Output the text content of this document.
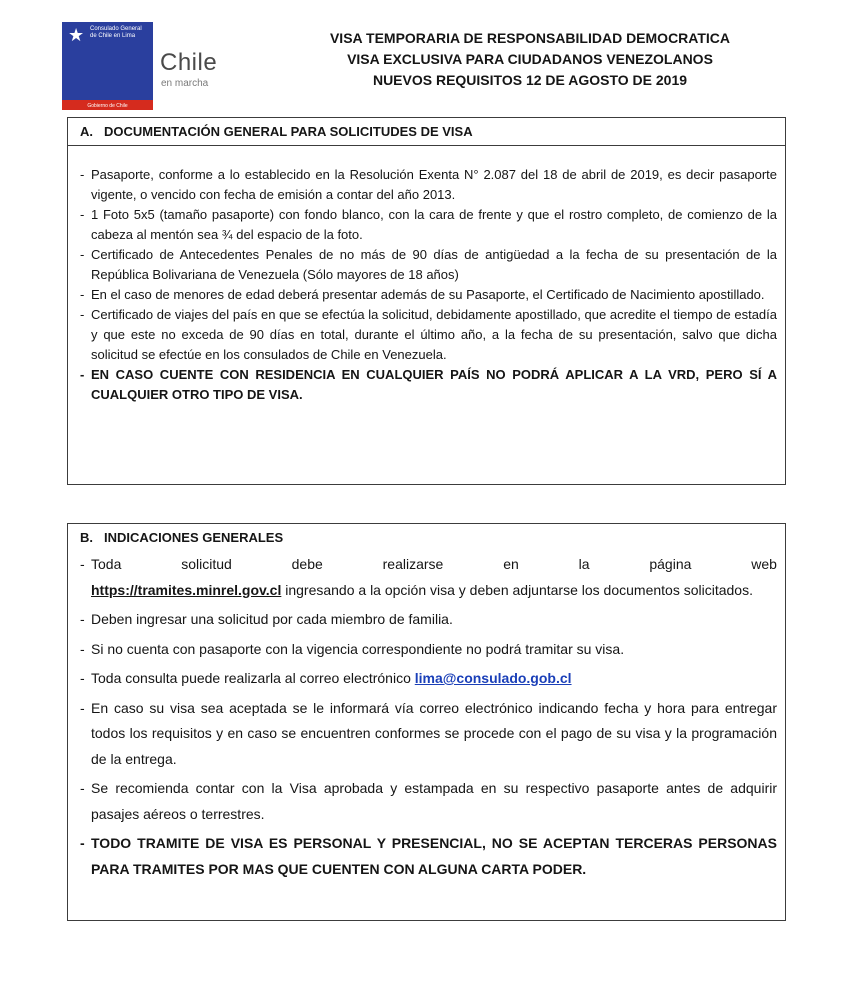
★ Consulado General de Chile en Lima
Gobierno de Chile
Chile
en marcha
VISA TEMPORARIA DE RESPONSABILIDAD DEMOCRATICA
VISA EXCLUSIVA PARA CIUDADANOS VENEZOLANOS
NUEVOS REQUISITOS 12 DE AGOSTO DE 2019
A. DOCUMENTACIÓN GENERAL PARA SOLICITUDES DE VISA
- Pasaporte, conforme a lo establecido en la Resolución Exenta N° 2.087 del 18 de abril de 2019, es decir pasaporte vigente, o vencido con fecha de emisión a contar del año 2013.
- 1 Foto 5x5 (tamaño pasaporte) con fondo blanco, con la cara de frente y que el rostro completo, de comienzo de la cabeza al mentón sea ¾ del espacio de la foto.
- Certificado de Antecedentes Penales de no más de 90 días de antigüedad a la fecha de su presentación de la República Bolivariana de Venezuela (Sólo mayores de 18 años)
- En el caso de menores de edad deberá presentar además de su Pasaporte, el Certificado de Nacimiento apostillado.
- Certificado de viajes del país en que se efectúa la solicitud, debidamente apostillado, que acredite el tiempo de estadía y que este no exceda de 90 días en total, durante el último año, a la fecha de su presentación, salvo que dicha solicitud se efectúe en los consulados de Chile en Venezuela.
- EN CASO CUENTE CON RESIDENCIA EN CUALQUIER PAÍS NO PODRÁ APLICAR A LA VRD, PERO SÍ A CUALQUIER OTRO TIPO DE VISA.
B. INDICACIONES GENERALES
- Toda	solicitud	debe	realizarse	en	la	página	web
https://tramites.minrel.gov.cl ingresando a la opción visa y deben adjuntarse los documentos solicitados.
- Deben ingresar una solicitud por cada miembro de familia.
- Si no cuenta con pasaporte con la vigencia correspondiente no podrá tramitar su visa.
- Toda consulta puede realizarla al correo electrónico lima@consulado.gob.cl
- En caso su visa sea aceptada se le informará vía correo electrónico indicando fecha y hora para entregar todos los requisitos y en caso se encuentren conformes se procede con el pago de su visa y la programación de la entrega.
- Se recomienda contar con la Visa aprobada y estampada en su respectivo pasaporte antes de adquirir pasajes aéreos o terrestres.
- TODO TRAMITE DE VISA ES PERSONAL Y PRESENCIAL, NO SE ACEPTAN TERCERAS PERSONAS PARA TRAMITES POR MAS QUE CUENTEN CON ALGUNA CARTA PODER.
